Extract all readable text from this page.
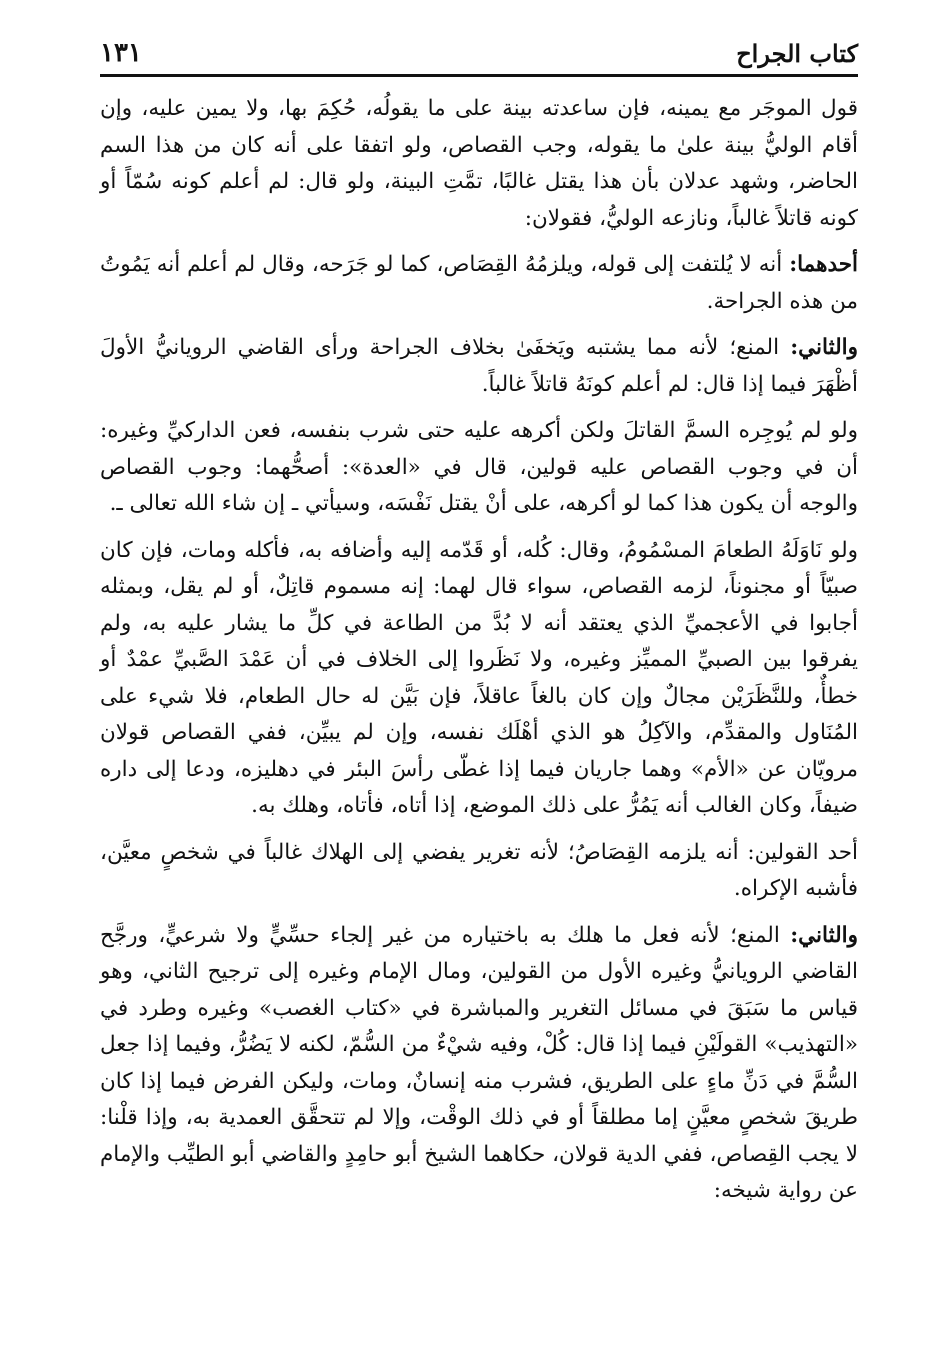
كتاب الجراح
١٣١

قول الموجَر مع يمينه، فإن ساعدته بينة على ما يقولُه، حُكِمَ بها، ولا يمين عليه، وإن أقام الوليُّ بينة علىٰ ما يقوله، وجب القصاص، ولو اتفقا على أنه كان من هذا السم الحاضر، وشهد عدلان بأن هذا يقتل غالبًا، تمَّتِ البينة، ولو قال: لم أعلم كونه سُمّاً أو كونه قاتلاً غالباً، ونازعه الوليُّ، فقولان:

أحدهما: أنه لا يُلتفت إلى قوله، ويلزمُهُ القِصَاص، كما لو جَرَحه، وقال لم أعلم أنه يَمُوتُ من هذه الجراحة.

والثاني: المنع؛ لأنه مما يشتبه ويَخفَىٰ بخلاف الجراحة ورأى القاضي الرويانيُّ الأولَ أظْهَرَ فيما إذا قال: لم أعلم كونَهُ قاتلاً غالباً.

ولو لم يُوجِره السمَّ القاتلَ ولكن أكرهه عليه حتى شرب بنفسه، فعن الداركيِّ وغيره: أن في وجوب القصاص عليه قولين، قال في «العدة»: أصحُّهما: وجوب القصاص والوجه أن يكون هذا كما لو أكرهه، على أنْ يقتل نَفْسَه، وسيأتي ـ إن شاء الله تعالى ـ.

ولو نَاوَلَهُ الطعامَ المسْمُومُ، وقال: كُله، أو قَدّمه إليه وأضافه به، فأكله ومات، فإن كان صبيّاً أو مجنوناً، لزمه القصاص، سواء قال لهما: إنه مسموم قاتِلٌ، أو لم يقل، وبمثله أجابوا في الأعجميِّ الذي يعتقد أنه لا بُدَّ من الطاعة في كلِّ ما يشار عليه به، ولم يفرقوا بين الصبيِّ المميِّز وغيره، ولا نَظَروا إلى الخلاف في أن عَمْدَ الصَّبيِّ عمْدٌ أو خطأٌ، وللنَّظَرَيْن مجالٌ وإن كان بالغاً عاقلاً، فإن بَيَّن له حال الطعام، فلا شيء على المُنَاول والمقدِّم، والآكِلُ هو الذي أهْلَك نفسه، وإن لم يبيِّن، ففي القصاص قولان مرويّان عن «الأم» وهما جاريان فيما إذا غطّى رأسَ البئر في دهليزه، ودعا إلى داره ضيفاً، وكان الغالب أنه يَمُرُّ على ذلك الموضع، إذا أتاه، فأتاه، وهلك به.

أحد القولين: أنه يلزمه القِصَاصُ؛ لأنه تغرير يفضي إلى الهلاك غالباً في شخصٍ معيَّن، فأشبه الإكراه.

والثاني: المنع؛ لأنه فعل ما هلك به باختياره من غير إلجاء حسِّيٍّ ولا شرعيٍّ، ورجَّح القاضي الرويانيُّ وغيره الأول من القولين، ومال الإمام وغيره إلى ترجيح الثاني، وهو قياس ما سَبَقَ في مسائل التغرير والمباشرة في «كتاب الغصب» وغيره وطرد في «التهذيب» القولَيْنِ فيما إذا قال: كُلْ، وفيه شيْءٌ من السُّمّ، لكنه لا يَضُرُّ، وفيما إذا جعل السُّمَّ في دَنِّ ماءٍ على الطريق، فشرب منه إنسانٌ، ومات، وليكن الفرض فيما إذا كان طريقَ شخصٍ معيَّنٍ إما مطلقاً أو في ذلك الوقْت، وإلا لم تتحقَّق العمدية به، وإذا قلْنا: لا يجب القِصاص، ففي الدية قولان، حكاهما الشيخ أبو حامِدٍ والقاضي أبو الطيِّب والإمام عن رواية شيخه:
